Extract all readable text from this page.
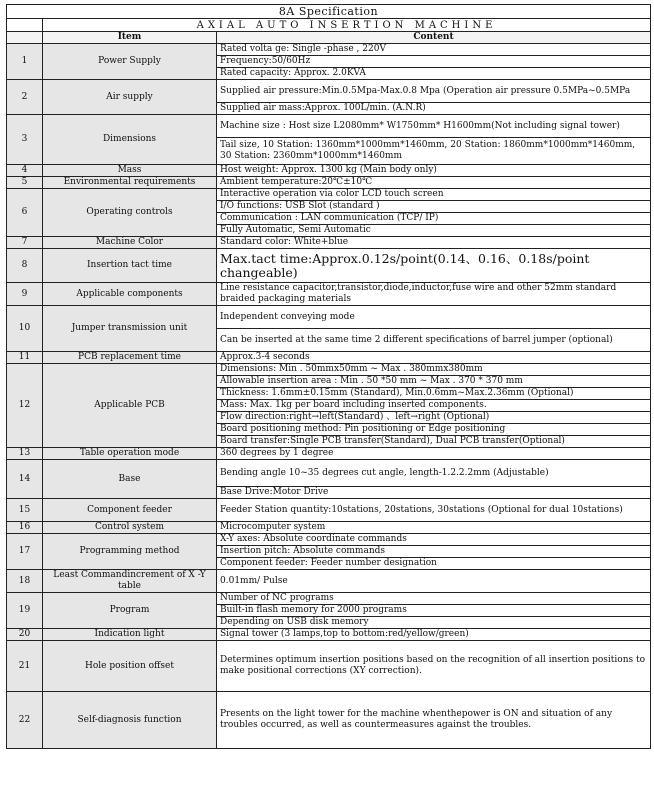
8A Specification		
	AXIAL AUTO INSERTION MACHINE	
	Item	Content
1	Power Supply	Rated volta ge: Single -phase , 220V
		Frequency:50/60Hz
		Rated capacity: Approx. 2.0KVA
2	Air supply	Supplied air pressure:Min.0.5Mpa-Max.0.8 Mpa (Operation air pressure 0.5MPa~0.5MPa
		Supplied air mass:Approx. 100L/min. (A.N.R)
3	Dimensions	Machine size : Host size L2080mm* W1750mm* H1600mm(Not including signal tower)
		Tail size, 10 Station: 1360mm*1000mm*1460mm, 20 Station: 1860mm*1000mm*1460mm, 30 Station: 2360mm*1000mm*1460mm
4	Mass	Host weight: Approx. 1300 kg (Main body only)
5	Environmental requirements	Ambient temperature:20℃±10℃
6	Operating controls	Interactive operation via color LCD touch screen
		I/O functions: USB Slot (standard )
		Communication : LAN communication (TCP/ IP)
		Fully Automatic, Semi Automatic
7	Machine Color	Standard color: White+blue
8	Insertion tact time	Max.tact time:Approx.0.12s/point(0.14、0.16、0.18s/point changeable)
9	Applicable components	Line resistance capacitor,transistor,diode,inductor,fuse wire and other 52mm standard braided packaging materials
10	Jumper transmission unit	Independent conveying mode
		Can be inserted at the same time 2 different specifications of barrel jumper (optional)
11	PCB replacement time	Approx.3-4 seconds
12	Applicable PCB	Dimensions: Min . 50mmx50mm ~ Max . 380mmx380mm
		Allowable insertion area : Min . 50 *50 mm ~ Max . 370 * 370 mm
		Thickness: 1.6mm±0.15mm (Standard), Min.0.6mm~Max.2.36mm (Optional)
		Mass: Max. 1kg per board including inserted components.
		Flow direction:right→left(Standard) 、left→right (Optional)
		Board positioning method: Pin positioning or Edge positioning
		Board transfer:Single PCB transfer(Standard), Dual PCB transfer(Optional)
13	Table operation mode	360 degrees by 1 degree
14	Base	Bending angle 10~35 degrees cut angle, length-1.2.2.2mm (Adjustable)
		Base Drive:Motor Drive
15	Component feeder	Feeder Station quantity:10stations, 20stations, 30stations (Optional for dual 10stations)
16	Control system	Microcomputer system
17	Programming method	X-Y axes: Absolute coordinate commands
		Insertion pitch: Absolute commands
		Component feeder: Feeder number designation
18	Least Commandincrement of X -Y table	0.01mm/ Pulse
19	Program	Number of NC programs
		Built-in flash memory for 2000 programs
		Depending on USB disk memory
20	Indication light	Signal tower (3 lamps,top to bottom:red/yellow/green)
21	Hole position offset	Determines optimum insertion positions based on the recognition of all insertion positions to make positional corrections (XY correction).
22	Self-diagnosis function	Presents on the light tower for the machine whenthepower is ON and situation of any troubles occurred, as well as countermeasures against the troubles.
